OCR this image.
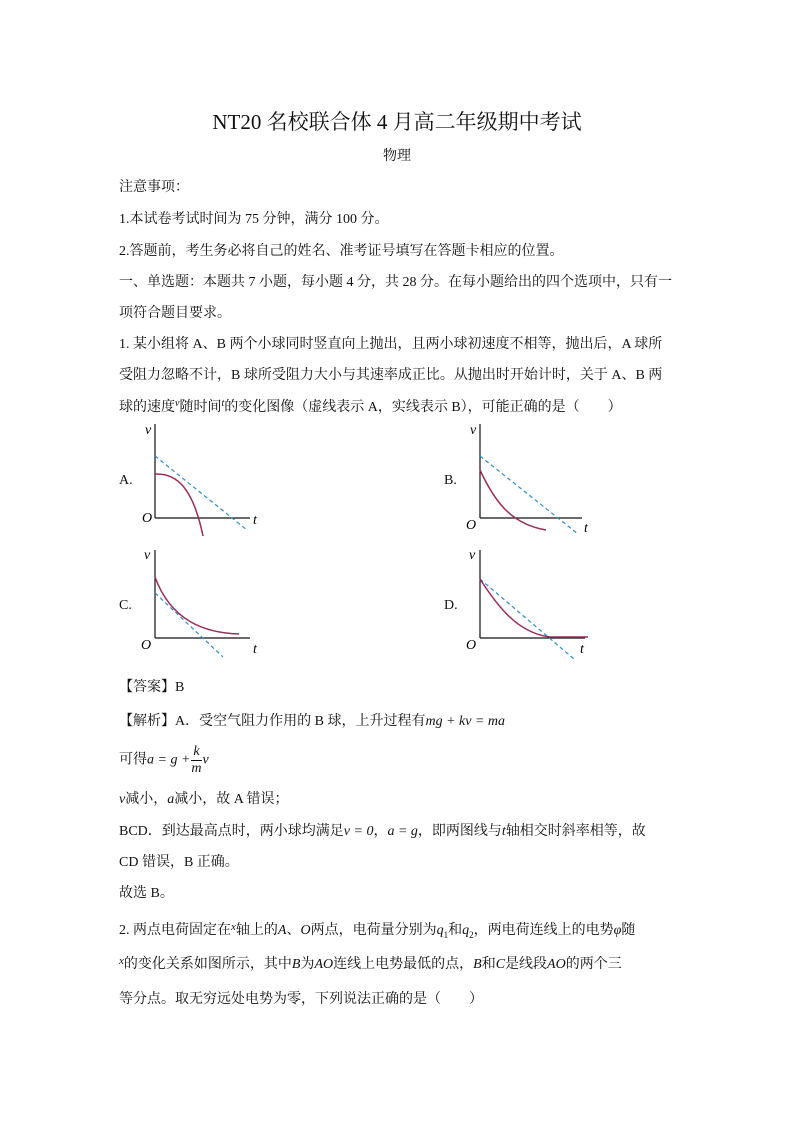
NT20 名校联合体 4 月高二年级期中考试
物理
注意事项：
1.本试卷考试时间为 75 分钟，满分 100 分。
2.答题前，考生务必将自己的姓名、准考证号填写在答题卡相应的位置。
一、单选题：本题共 7 小题，每小题 4 分，共 28 分。在每小题给出的四个选项中，只有一
项符合题目要求。
1. 某小组将 A、B 两个小球同时竖直向上抛出，且两小球初速度不相等，抛出后，A 球所
受阻力忽略不计，B 球所受阻力大小与其速率成正比。从抛出时开始计时，关于 A、B 两
球的速度$^v$随时间$^t$的变化图像（虚线表示 A，实线表示 B），可能正确的是（　　）
A.	B.
C.	D.
v
t
O
v
t
O
v
t
O
v
t
O
【答案】B
【解析】A．受空气阻力作用的 B 球，上升过程有mg + kv = ma
可得$a = g + \frac{k}{m}$ v
v减小，a减小，故 A 错误；
BCD．到达最高点时，两小球均满足v = 0，a = g，即两图线与t轴相交时斜率相等，故
CD 错误，B 正确。
故选 B。
2. 两点电荷固定在$^x$轴上的A、O两点，电荷量分别为$q_1$和$q_2$，两电荷连线上的电势φ随
$^x$的变化关系如图所示，其中B为AO连线上电势最低的点，B和C是线段AO的两个三
等分点。取无穷远处电势为零，下列说法正确的是（　　）
